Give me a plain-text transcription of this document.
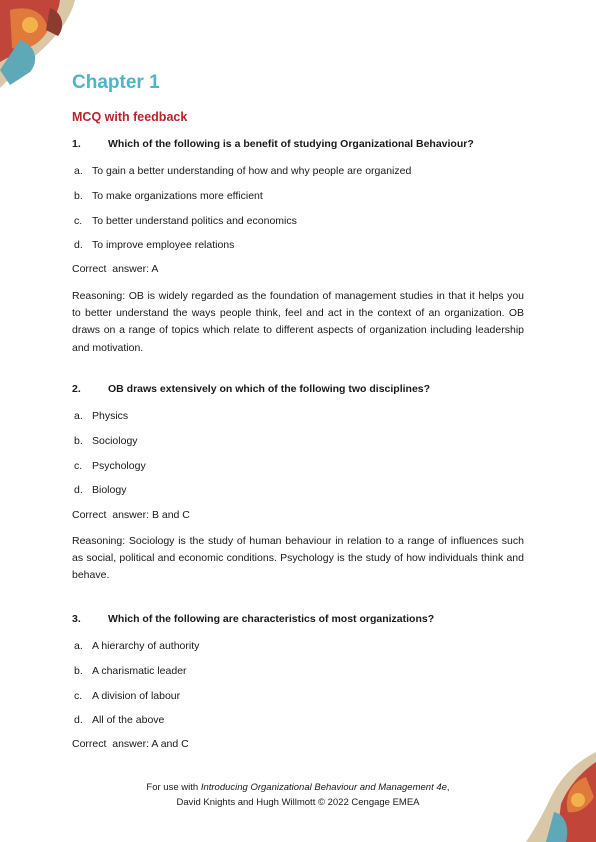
Chapter 1
MCQ with feedback
1.	Which of the following is a benefit of studying Organizational Behaviour?
a. To gain a better understanding of how and why people are organized
b. To make organizations more efficient
c. To better understand politics and economics
d. To improve employee relations
Correct  answer: A

Reasoning: OB is widely regarded as the foundation of management studies in that it helps you to better understand the ways people think, feel and act in the context of an organization. OB draws on a range of topics which relate to different aspects of organization including leadership and motivation.

2.	OB draws extensively on which of the following two disciplines?
a. Physics
b. Sociology
c. Psychology
d. Biology
Correct  answer: B and C

Reasoning: Sociology is the study of human behaviour in relation to a range of influences such as social, political and economic conditions. Psychology is the study of how individuals think and behave.

3.	Which of the following are characteristics of most organizations?
a. A hierarchy of authority
b. A charismatic leader
c. A division of labour
d. All of the above
Correct  answer: A and C
For use with Introducing Organizational Behaviour and Management 4e,
David Knights and Hugh Willmott © 2022 Cengage EMEA
